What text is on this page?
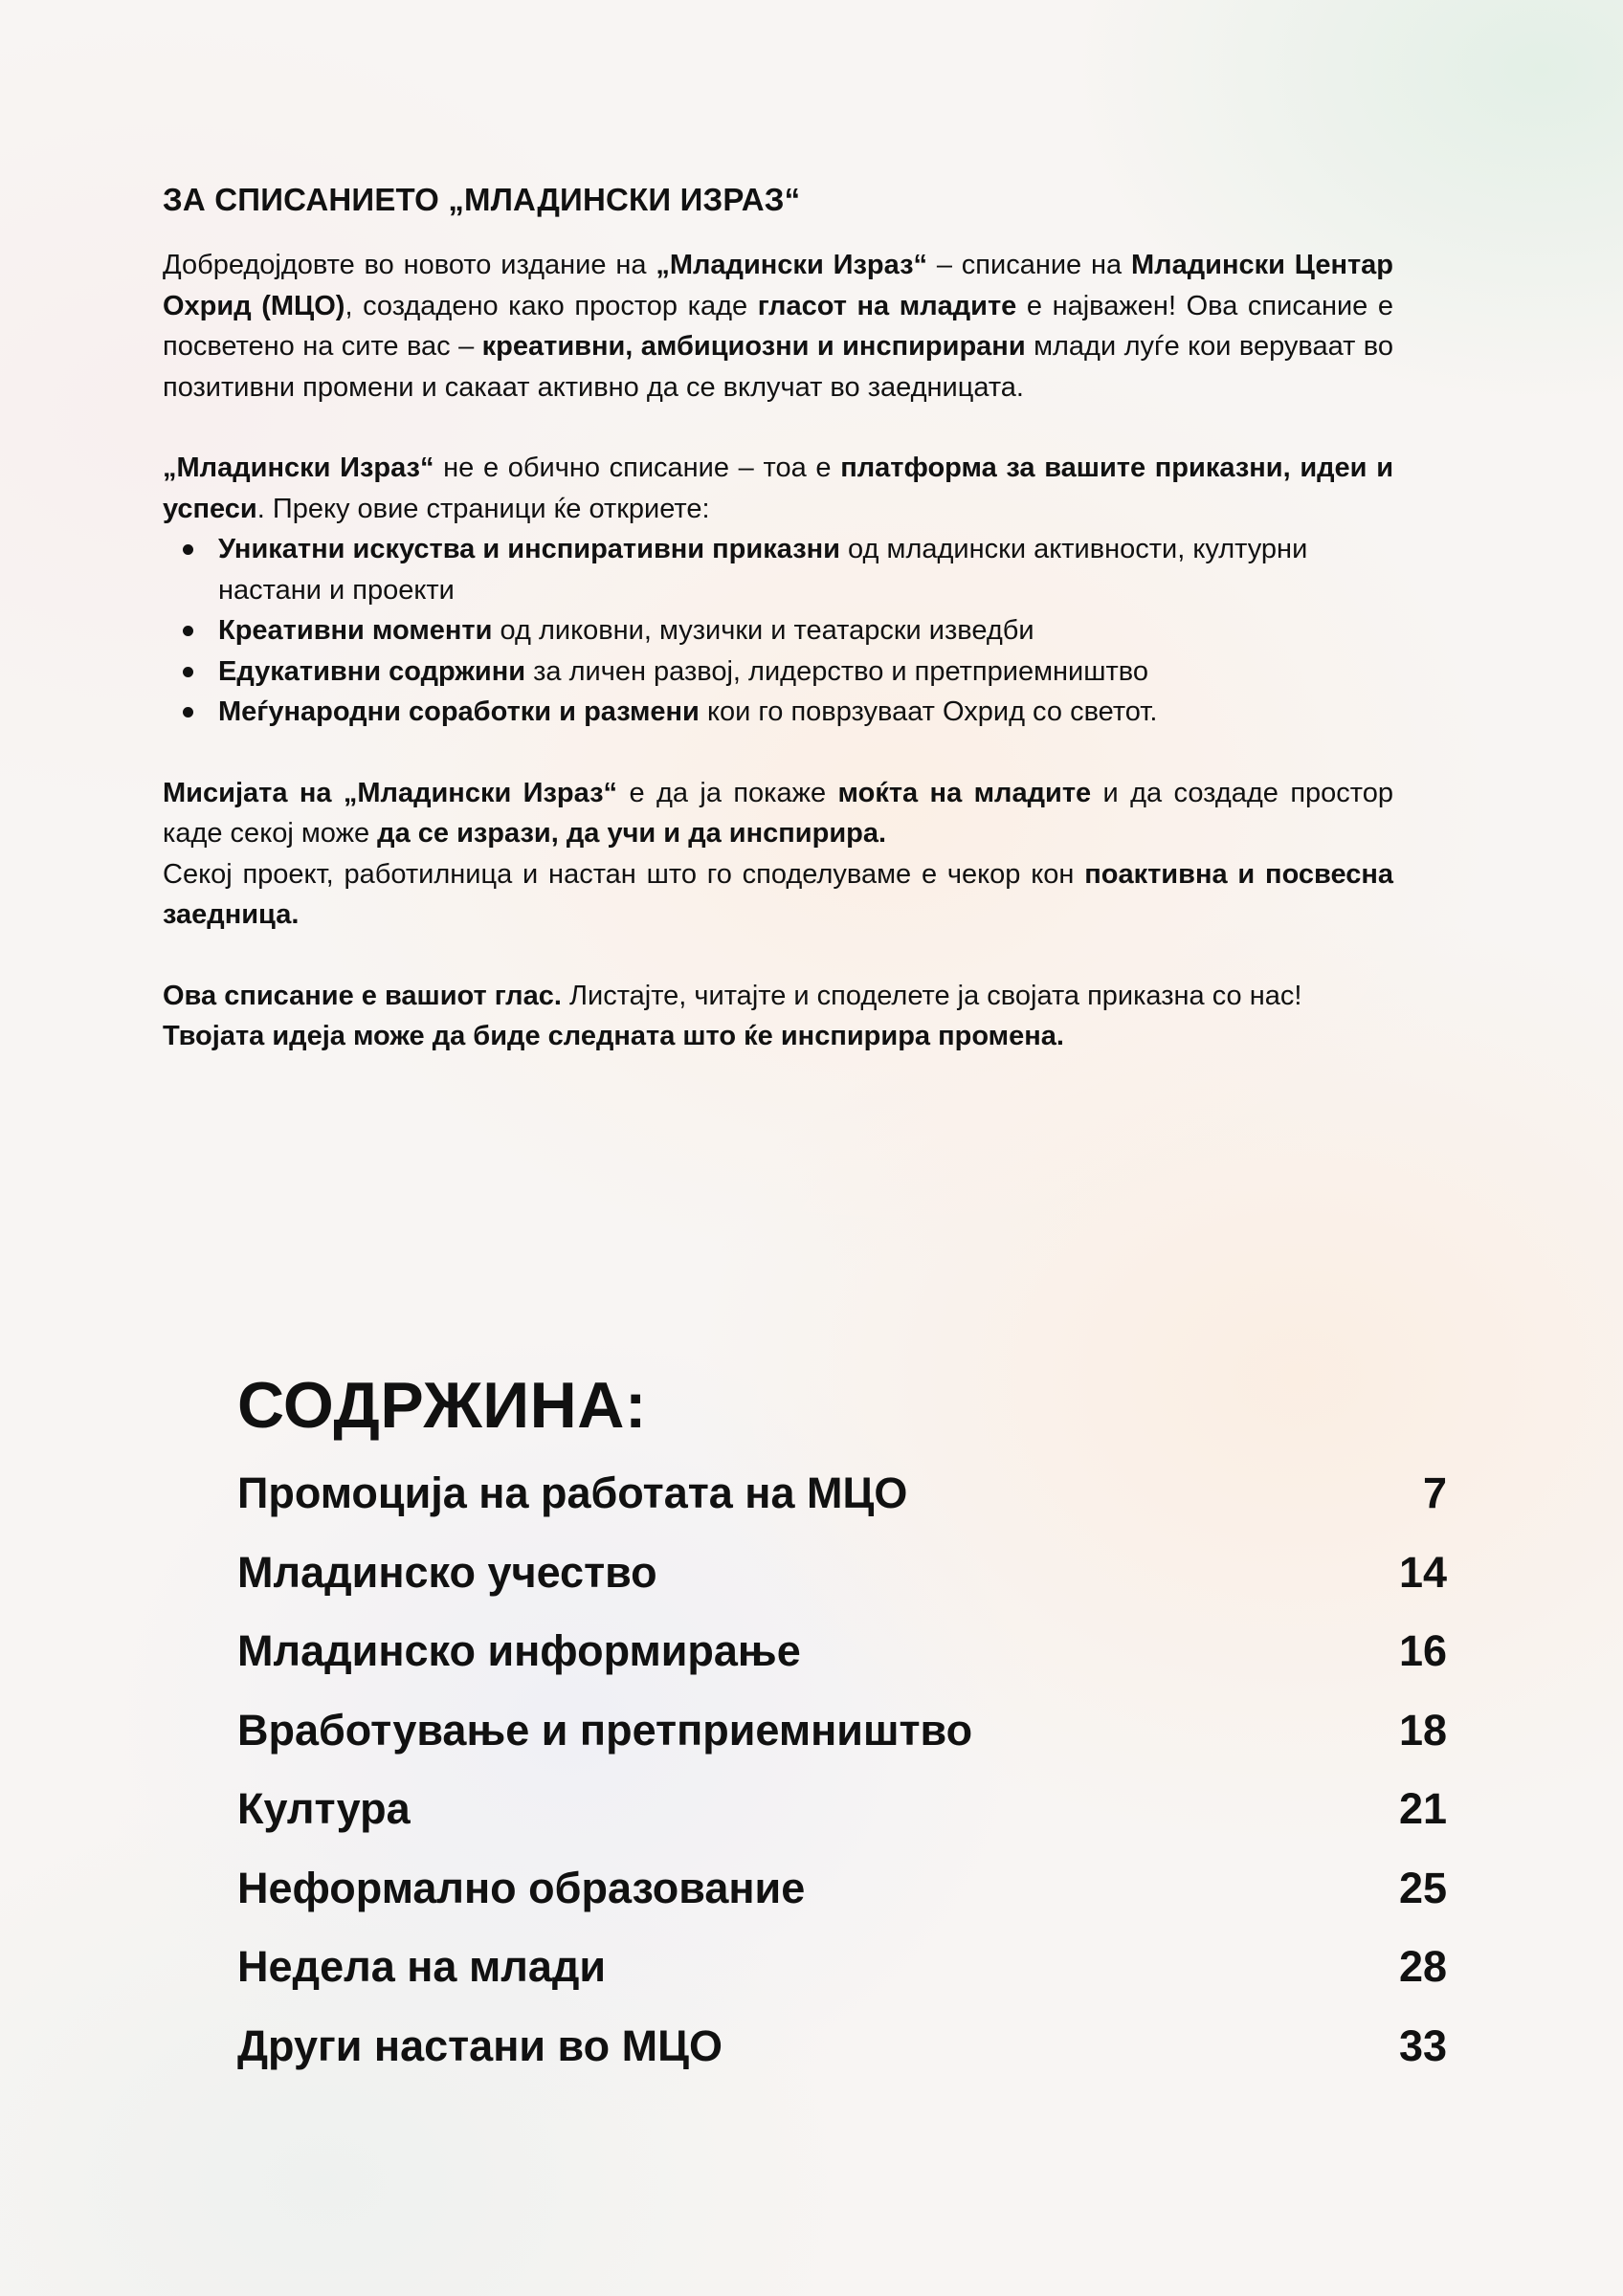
ЗА СПИСАНИЕТО „МЛАДИНСКИ ИЗРАЗ“

Добредојдовте во новото издание на „Младински Израз“ – списание на Младински Центар Охрид (МЦО), создадено како простор каде гласот на младите е најважен! Ова списание е посветено на сите вас – креативни, амбициозни и инспирирани млади луѓе кои веруваат во позитивни промени и сакаат активно да се вклучат во заедницата.

„Младински Израз“ не е обично списание – тоа е платформа за вашите приказни, идеи и успеси. Преку овие страници ќе откриете:

Уникатни искуства и инспиративни приказни од младински активности, културни настани и проекти
Креативни моменти од ликовни, музички и театарски изведби
Едукативни содржини за личен развој, лидерство и претприемништво
Меѓународни соработки и размени кои го поврзуваат Охрид со светот.

Мисијата на „Младински Израз“ е да ја покаже моќта на младите и да создаде простор каде секој може да се изрази, да учи и да инспирира.

Секој проект, работилница и настан што го споделуваме е чекор кон поактивна и посвесна заедница.

Ова списание е вашиот глас. Листајте, читајте и споделете ја својата приказна со нас!

Твојата идеја може да биде следната што ќе инспирира промена.

СОДРЖИНА:
Промоција на работата на МЦО	7
Младинско учество	14
Младинско информирање	16
Вработување и претприемништво	18
Култура	21
Неформално образование	25
Недела на млади	28
Други настани во МЦО	33
